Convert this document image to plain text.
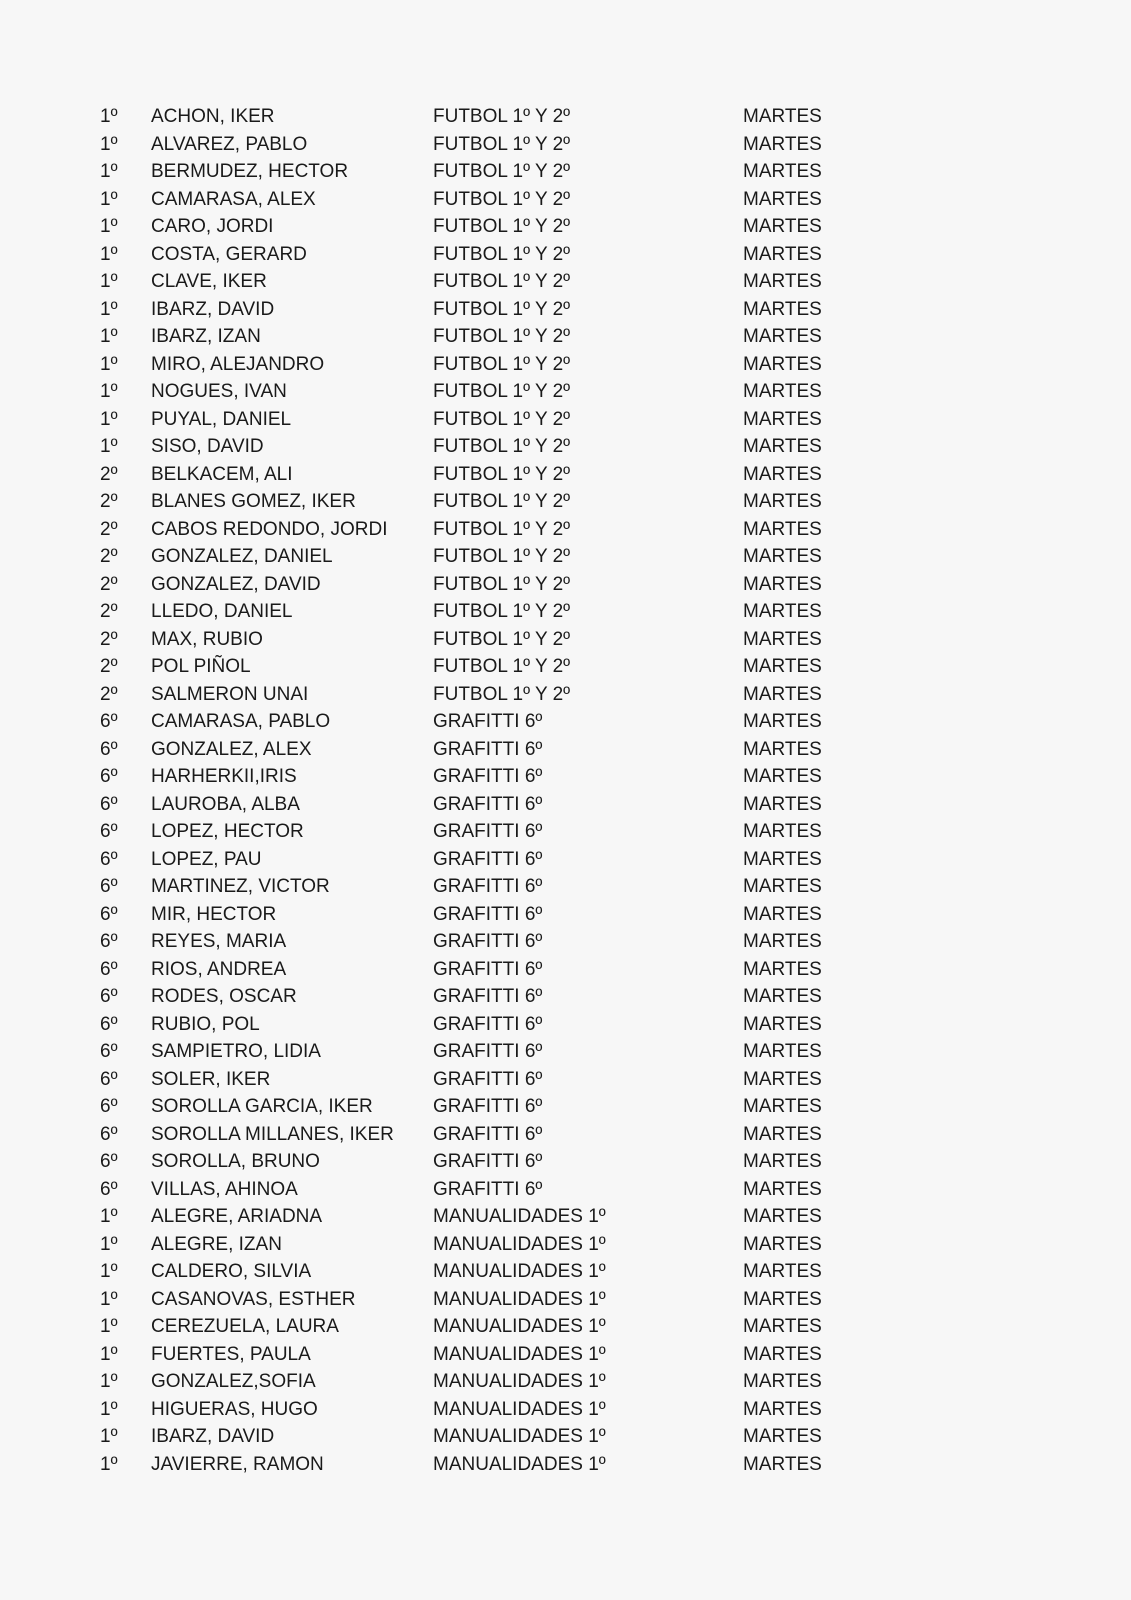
1º ACHON, IKER	FUTBOL 1º Y 2º	MARTES
1º ALVAREZ, PABLO	FUTBOL 1º Y 2º	MARTES
1º BERMUDEZ, HECTOR	FUTBOL 1º Y 2º	MARTES
1º CAMARASA, ALEX	FUTBOL 1º Y 2º	MARTES
1º CARO, JORDI	FUTBOL 1º Y 2º	MARTES
1º COSTA, GERARD	FUTBOL 1º Y 2º	MARTES
1º CLAVE, IKER	FUTBOL 1º Y 2º	MARTES
1º IBARZ, DAVID	FUTBOL 1º Y 2º	MARTES
1º IBARZ, IZAN	FUTBOL 1º Y 2º	MARTES
1º MIRO, ALEJANDRO	FUTBOL 1º Y 2º	MARTES
1º NOGUES, IVAN	FUTBOL 1º Y 2º	MARTES
1º PUYAL, DANIEL	FUTBOL 1º Y 2º	MARTES
1º SISO, DAVID	FUTBOL 1º Y 2º	MARTES
2º BELKACEM, ALI	FUTBOL 1º Y 2º	MARTES
2º BLANES GOMEZ, IKER	FUTBOL 1º Y 2º	MARTES
2º CABOS REDONDO, JORDI FUTBOL 1º Y 2º	MARTES
2º GONZALEZ, DANIEL	FUTBOL 1º Y 2º	MARTES
2º GONZALEZ, DAVID	FUTBOL 1º Y 2º	MARTES
2º LLEDO, DANIEL	FUTBOL 1º Y 2º	MARTES
2º MAX, RUBIO	FUTBOL 1º Y 2º	MARTES
2º POL PIÑOL	FUTBOL 1º Y 2º	MARTES
2º SALMERON UNAI	FUTBOL 1º Y 2º	MARTES
6º CAMARASA, PABLO	GRAFITTI 6º	MARTES
6º GONZALEZ, ALEX	GRAFITTI 6º	MARTES
6º HARHERKII,IRIS	GRAFITTI 6º	MARTES
6º LAUROBA, ALBA	GRAFITTI 6º	MARTES
6º LOPEZ, HECTOR	GRAFITTI 6º	MARTES
6º LOPEZ, PAU	GRAFITTI 6º	MARTES
6º MARTINEZ, VICTOR	GRAFITTI 6º	MARTES
6º MIR, HECTOR	GRAFITTI 6º	MARTES
6º REYES, MARIA	GRAFITTI 6º	MARTES
6º RIOS, ANDREA	GRAFITTI 6º	MARTES
6º RODES, OSCAR	GRAFITTI 6º	MARTES
6º RUBIO, POL	GRAFITTI 6º	MARTES
6º SAMPIETRO, LIDIA	GRAFITTI 6º	MARTES
6º SOLER, IKER	GRAFITTI 6º	MARTES
6º SOROLLA GARCIA, IKER	GRAFITTI 6º	MARTES
6º SOROLLA MILLANES, IKER GRAFITTI 6º	MARTES
6º SOROLLA, BRUNO	GRAFITTI 6º	MARTES
6º VILLAS, AHINOA	GRAFITTI 6º	MARTES
1º ALEGRE, ARIADNA	MANUALIDADES 1º	MARTES
1º ALEGRE, IZAN	MANUALIDADES 1º	MARTES
1º CALDERO, SILVIA	MANUALIDADES 1º	MARTES
1º CASANOVAS, ESTHER	MANUALIDADES 1º	MARTES
1º CEREZUELA, LAURA	MANUALIDADES 1º	MARTES
1º FUERTES, PAULA	MANUALIDADES 1º	MARTES
1º GONZALEZ,SOFIA	MANUALIDADES 1º	MARTES
1º HIGUERAS, HUGO	MANUALIDADES 1º	MARTES
1º IBARZ, DAVID	MANUALIDADES 1º	MARTES
1º JAVIERRE, RAMON	MANUALIDADES 1º	MARTES
